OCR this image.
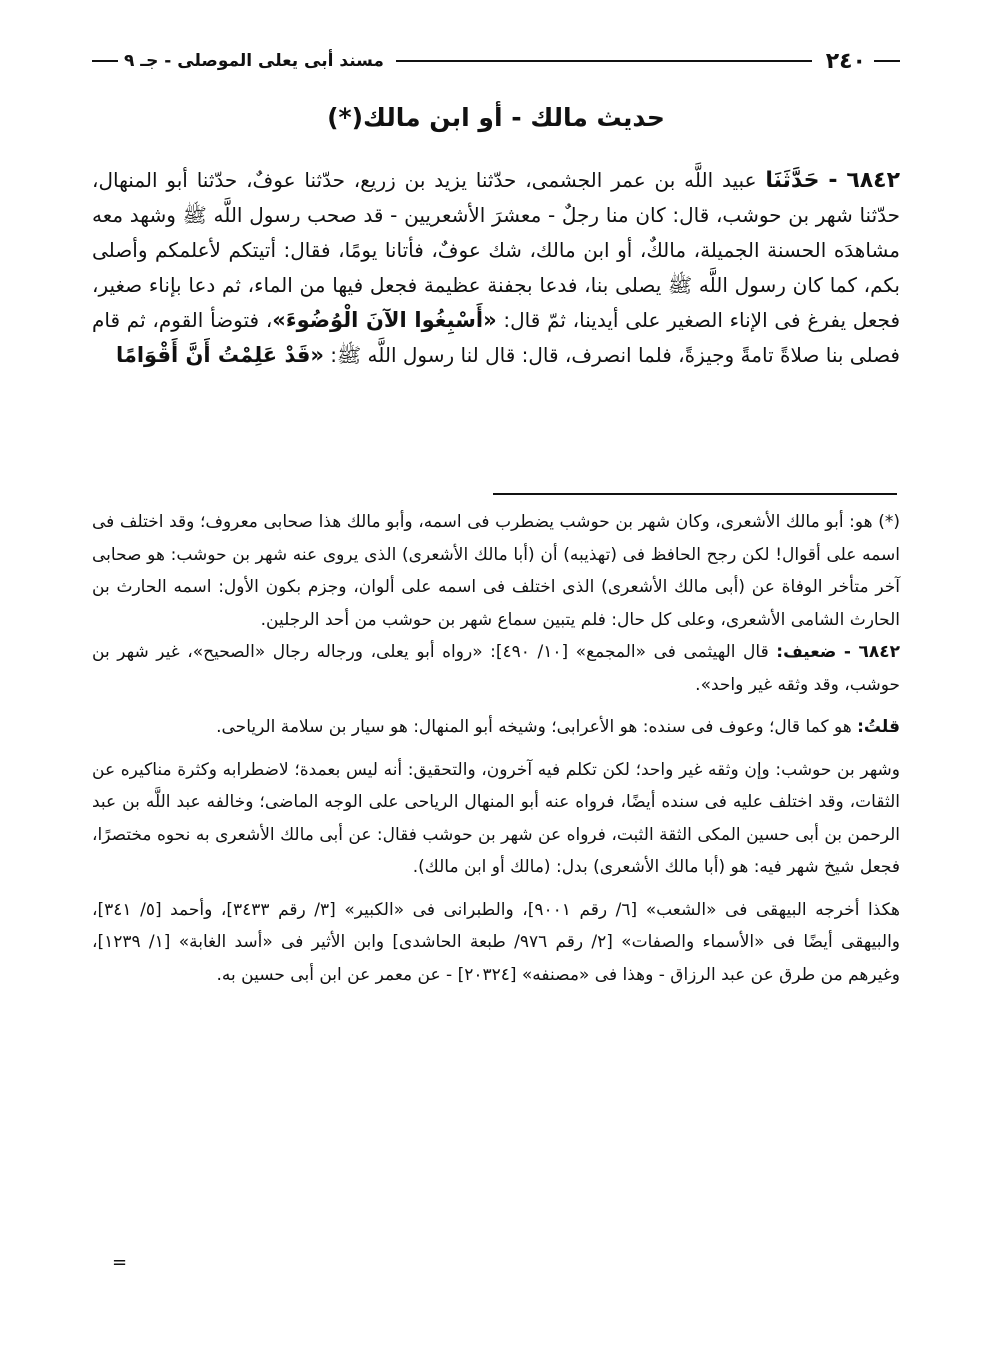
٢٤٠
مسند أبى يعلى الموصلى - جـ ٩
حديث مالك - أو ابن مالك(*)
٦٨٤٢ - حَدَّثَنَا عبيد اللَّه بن عمر الجشمى، حدّثنا يزيد بن زريع، حدّثنا عوفٌ، حدّثنا أبو المنهال، حدّثنا شهر بن حوشب، قال: كان منا رجلٌ - معشرَ الأشعريين - قد صحب رسول اللَّه ﷺ وشهد معه مشاهدَه الحسنة الجميلة، مالكٌ، أو ابن مالك، شك عوفٌ، فأتانا يومًا، فقال: أتيتكم لأعلمكم وأصلى بكم، كما كان رسول اللَّه ﷺ يصلى بنا، فدعا بجفنة عظيمة فجعل فيها من الماء، ثم دعا بإناء صغير، فجعل يفرغ فى الإناء الصغير على أيدينا، ثمّ قال: «أَسْبِغُوا الآنَ الْوُضُوءَ»، فتوضأ القوم، ثم قام فصلى بنا صلاةً تامةً وجيزةً، فلما انصرف، قال: قال لنا رسول اللَّه ﷺ: «قَدْ عَلِمْتُ أَنَّ أَقْوَامًا

(*) هو: أبو مالك الأشعرى، وكان شهر بن حوشب يضطرب فى اسمه، وأبو مالك هذا صحابى معروف؛ وقد اختلف فى اسمه على أقوال! لكن رجح الحافظ فى (تهذيبه) أن (أبا مالك الأشعرى) الذى يروى عنه شهر بن حوشب: هو صحابى آخر متأخر الوفاة عن (أبى مالك الأشعرى) الذى اختلف فى اسمه على ألوان، وجزم بكون الأول: اسمه الحارث بن الحارث الشامى الأشعرى، وعلى كل حال: فلم يتبين سماع شهر بن حوشب من أحد الرجلين.

٦٨٤٢ - ضعيف: قال الهيثمى فى «المجمع» [١٠/ ٤٩٠]: «رواه أبو يعلى، ورجاله رجال «الصحيح»، غير شهر بن حوشب، وقد وثقه غير واحد».

قلتُ: هو كما قال؛ وعوف فى سنده: هو الأعرابى؛ وشيخه أبو المنهال: هو سيار بن سلامة الرياحى.

وشهر بن حوشب: وإن وثقه غير واحد؛ لكن تكلم فيه آخرون، والتحقيق: أنه ليس بعمدة؛ لاضطرابه وكثرة مناكيره عن الثقات، وقد اختلف عليه فى سنده أيضًا، فرواه عنه أبو المنهال الرياحى على الوجه الماضى؛ وخالفه عبد اللَّه بن عبد الرحمن بن أبى حسين المكى الثقة الثبت، فرواه عن شهر بن حوشب فقال: عن أبى مالك الأشعرى به نحوه مختصرًا، فجعل شيخ شهر فيه: هو (أبا مالك الأشعرى) بدل: (مالك أو ابن مالك).

هكذا أخرجه البيهقى فى «الشعب» [٦/ رقم ٩٠٠١]، والطبرانى فى «الكبير» [٣/ رقم ٣٤٣٣]، وأحمد [٥/ ٣٤١]، والبيهقى أيضًا فى «الأسماء والصفات» [٢/ رقم ٩٧٦/ طبعة الحاشدى] وابن الأثير فى «أسد الغابة» [١/ ١٢٣٩]، وغيرهم من طرق عن عبد الرزاق - وهذا فى «مصنفه» [٢٠٣٢٤] - عن معمر عن ابن أبى حسين به.

=
